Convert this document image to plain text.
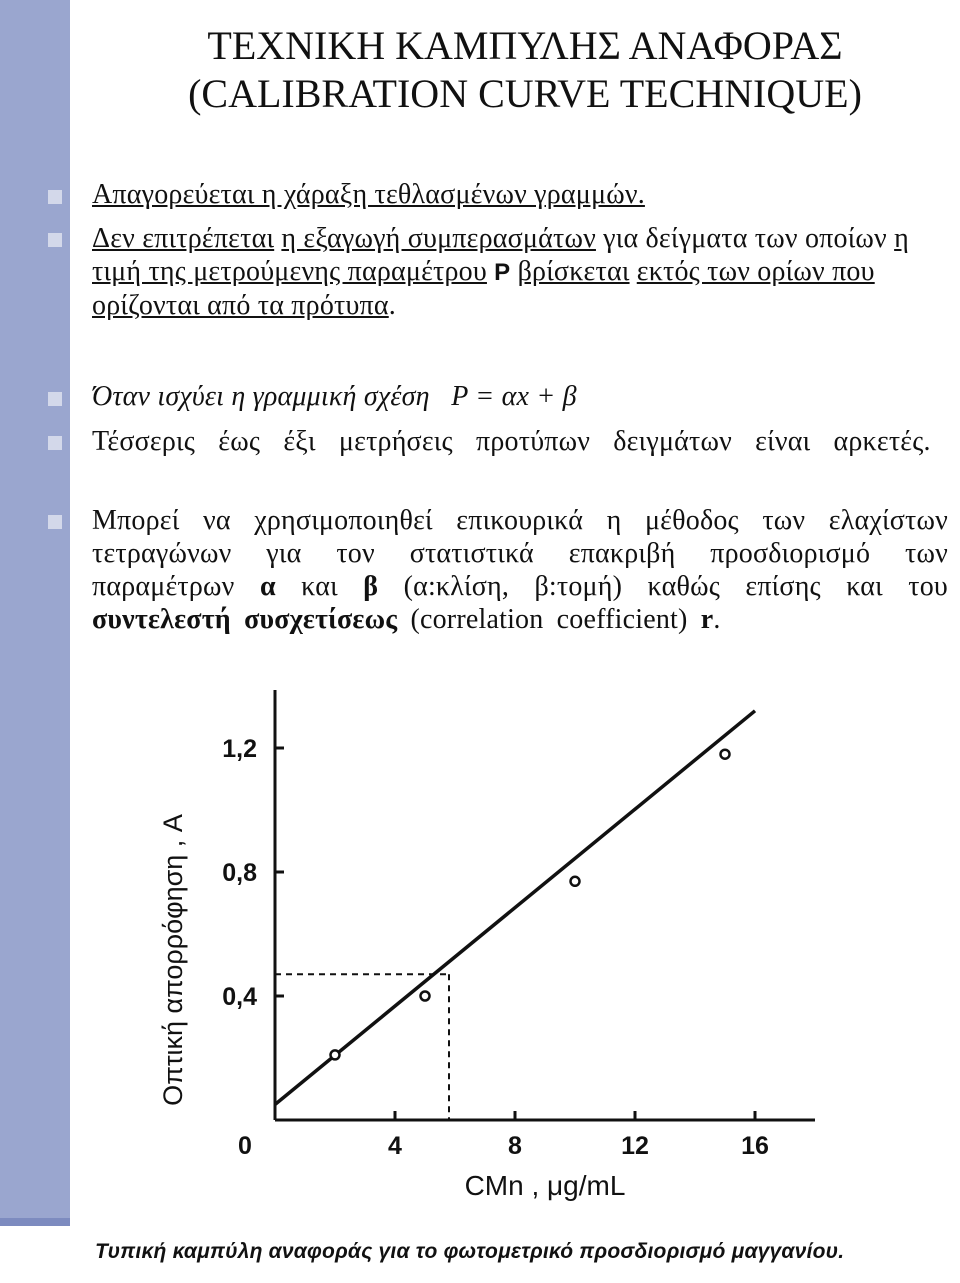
ΤΕΧΝΙΚΗ ΚΑΜΠΥΛΗΣ ΑΝΑΦΟΡΑΣ
(CALIBRATION CURVE TECHNIQUE)
Απαγορεύεται η χάραξη τεθλασμένων γραμμών.
Δεν επιτρέπεται η εξαγωγή συμπερασμάτων για δείγματα των οποίων η τιμή της μετρούμενης παραμέτρου P βρίσκεται εκτός των ορίων που ορίζονται από τα πρότυπα.
Όταν ισχύει η γραμμική σχέση P = αx + β
Τέσσερις έως έξι μετρήσεις προτύπων δειγμάτων είναι αρκετές.
Μπορεί να χρησιμοποιηθεί επικουρικά η μέθοδος των ελαχίστων τετραγώνων για τον στατιστικά επακριβή προσδιορισμό των παραμέτρων α και β (α:κλίση, β:τομή) καθώς επίσης και του συντελεστή συσχετίσεως (correlation coefficient) r.
0	4	8	12	16
0,4
0,8
1,2
CMn , μg/mL
Οπτική απορρόφηση , A
Τυπική καμπύλη αναφοράς για το φωτομετρικό προσδιορισμό μαγγανίου.
